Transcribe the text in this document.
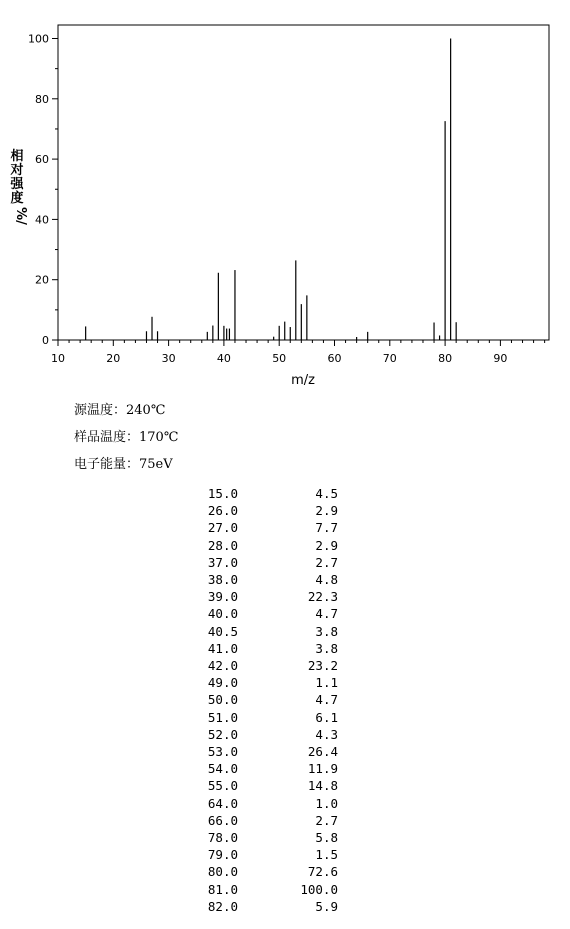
0
20
40
60
80
100
10	20	30	40	50	60	70	80	90
m/z
相
对
强
度
%/
源温度：240℃
样品温度：170℃
电子能量：75eV
15.0	4.5
26.0	2.9
27.0	7.7
28.0	2.9
37.0	2.7
38.0	4.8
39.0	22.3
40.0	4.7
40.5	3.8
41.0	3.8
42.0	23.2
49.0	1.1
50.0	4.7
51.0	6.1
52.0	4.3
53.0	26.4
54.0	11.9
55.0	14.8
64.0	1.0
66.0	2.7
78.0	5.8
79.0	1.5
80.0	72.6
81.0	100.0
82.0	5.9
